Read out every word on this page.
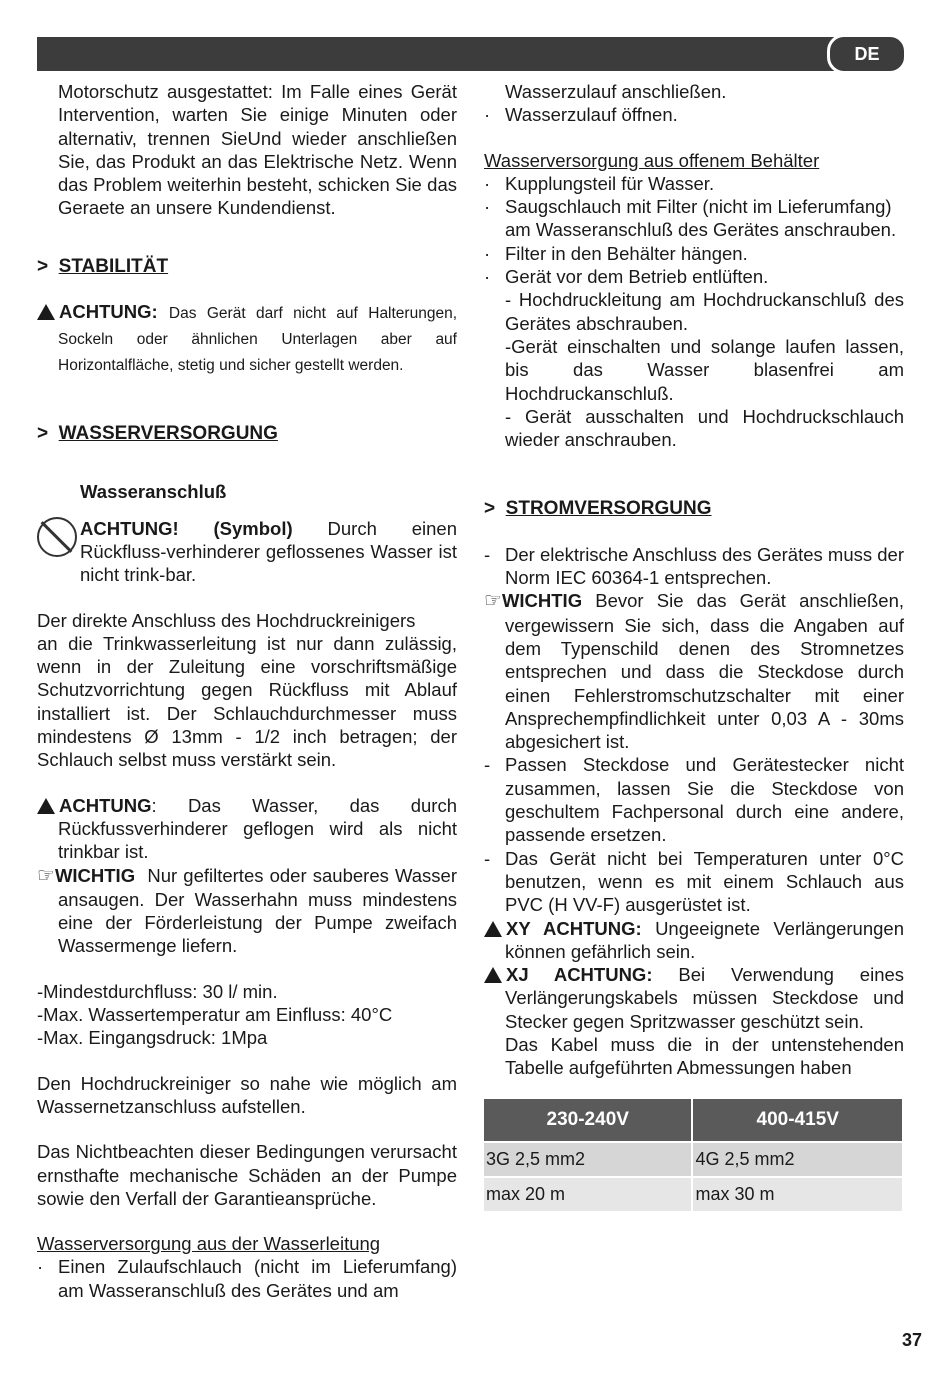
DE

Motorschutz ausgestattet: Im Falle eines Gerät Intervention, warten Sie einige Minuten oder alternativ, trennen SieUnd wieder anschließen Sie, das Produkt an das Elektrische Netz. Wenn das Problem weiterhin besteht, schicken Sie das Geraete an unsere Kundendienst.

> STABILITÄT

!ACHTUNG: Das Gerät darf nicht auf Halterungen, Sockeln oder ähnlichen Unterlagen aber auf Horizontalfläche, stetig und sicher gestellt werden.

> WASSERVERSORGUNG

Wasseranschluß

ACHTUNG! (Symbol) Durch einen Rückfluss-verhinderer geflossenes Wasser ist nicht trink-bar.

Der direkte Anschluss des Hochdruckreinigers

an die Trinkwasserleitung ist nur dann zulässig, wenn in der Zuleitung eine vorschriftsmäßige Schutzvorrichtung gegen Rückfluss mit Ablauf installiert ist. Der Schlauchdurchmesser muss mindestens Ø 13mm - 1/2 inch betragen; der Schlauch selbst muss verstärkt sein.

!ACHTUNG: Das Wasser, das durch Rückfussverhinderer geflogen wird als nicht trinkbar ist.

☞WICHTIG Nur gefiltertes oder sauberes Wasser ansaugen. Der Wasserhahn muss mindestens eine der Förderleistung der Pumpe zweifach Wassermenge liefern.

-Mindestdurchfluss: 30 l/ min.

-Max. Wassertemperatur am Einfluss: 40°C

-Max. Eingangsdruck: 1Mpa

Den Hochdruckreiniger so nahe wie möglich am Wassernetzanschluss aufstellen.

Das Nichtbeachten dieser Bedingungen verursacht ernsthafte mechanische Schäden an der Pumpe sowie den Verfall der Garantieansprüche.

Wasserversorgung aus der Wasserleitung

· Einen Zulaufschlauch (nicht im Lieferumfang) am Wasseranschluß des Gerätes und am

Wasserzulauf anschließen.

· Wasserzulauf öffnen.

Wasserversorgung aus offenem Behälter

· Kupplungsteil für Wasser.

· Saugschlauch mit Filter (nicht im Lieferumfang) am Wasseranschluß des Gerätes anschrauben.

· Filter in den Behälter hängen.

· Gerät vor dem Betrieb entlüften.

- Hochdruckleitung am Hochdruckanschluß des Gerätes abschrauben.

-Gerät einschalten und solange laufen lassen, bis das Wasser blasenfrei am Hochdruckanschluß.

- Gerät ausschalten und Hochdruckschlauch wieder anschrauben.

> STROMVERSORGUNG

- Der elektrische Anschluss des Gerätes muss der Norm IEC 60364-1 entsprechen.

☞WICHTIG Bevor Sie das Gerät anschließen, vergewissern Sie sich, dass die Angaben auf dem Typenschild denen des Stromnetzes entsprechen und dass die Steckdose durch einen Fehlerstromschutzschalter mit einer Ansprechempfindlichkeit unter 0,03 A - 30ms abgesichert ist.

- Passen Steckdose und Gerätestecker nicht zusammen, lassen Sie die Steckdose von geschultem Fachpersonal durch eine andere, passende ersetzen.

- Das Gerät nicht bei Temperaturen unter 0°C benutzen, wenn es mit einem Schlauch aus PVC (H VV-F) ausgerüstet ist.

!XY ACHTUNG: Ungeeignete Verlängerungen können gefährlich sein.

!XJ ACHTUNG: Bei Verwendung eines Verlängerungskabels müssen Steckdose und Stecker gegen Spritzwasser geschützt sein.

Das Kabel muss die in der untenstehenden Tabelle aufgeführten Abmessungen haben

230-240V	400-415V
3G 2,5 mm2	4G 2,5 mm2
max 20 m	max 30 m
37
